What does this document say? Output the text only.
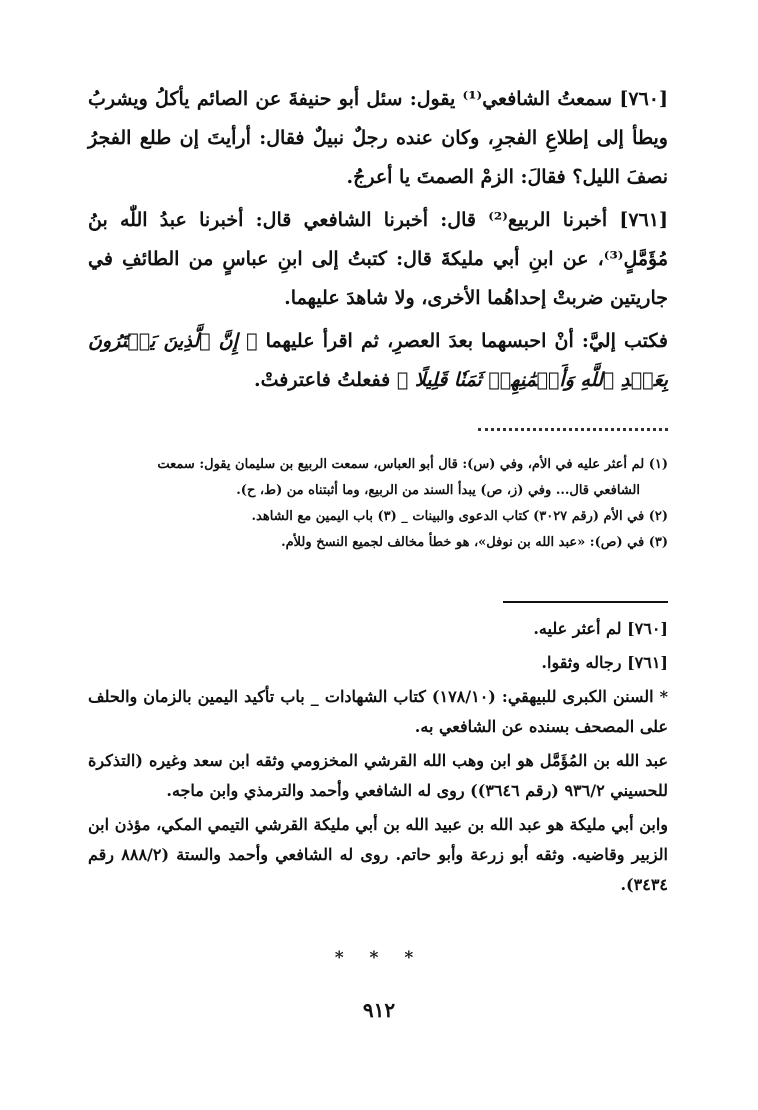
[٧٦٠] سمعتُ الشافعي⁽¹⁾ يقول: سئل أبو حنيفةَ عن الصائم يأكلُ ويشربُ ويطأ إلى إطلاعِ الفجرِ، وكان عنده رجلٌ نبيلٌ فقال: أرأيتَ إن طلع الفجرُ نصفَ الليل؟ فقالَ: الزمْ الصمتَ يا أعرجُ.

[٧٦١] أخبرنا الربيع⁽²⁾ قال: أخبرنا الشافعي قال: أخبرنا عبدُ اللّٰه بنُ مُؤَمَّلٍ⁽³⁾، عن ابنِ أبي مليكةَ قال: كتبتُ إلى ابنِ عباسٍ من الطائفِ في جاريتين ضربتْ إحداهُما الأخرى، ولا شاهدَ عليهما.

فكتب إليَّ: أنْ احبسهما بعدَ العصرِ، ثم اقرأ عليهما ﴿ إِنَّ ٱلَّذِينَ يَشۡتَرُونَ بِعَهۡدِ ٱللَّهِ وَأَيۡمَٰنِهِمۡ ثَمَنٗا قَلِيلًا ﴾ ففعلتُ فاعترفتْ.

(١) لم أعثر عليه في الأم، وفي (س): قال أبو العباس، سمعت الربيع بن سليمان يقول: سمعت

الشافعي قال... وفي (ز، ص) يبدأ السند من الربيع، وما أثبتناه من (ط، ح).

(٢) في الأم (رقم ٣٠٢٧) كتاب الدعوى والبينات _ (٣) باب اليمين مع الشاهد.

(٣) في (ص): «عبد الله بن نوفل»، هو خطأ مخالف لجميع النسخ وللأم.

[٧٦٠] لم أعثر عليه.

[٧٦١] رجاله وثقوا.

* السنن الكبرى للبيهقي: (١٧٨/١٠) كتاب الشهادات _ باب تأكيد اليمين بالزمان والحلف على المصحف بسنده عن الشافعي به.

عبد الله بن المُؤَمَّل هو ابن وهب الله القرشي المخزومي وثقه ابن سعد وغيره (التذكرة للحسيني ٩٣٦/٢ (رقم ٣٦٤٦)) روى له الشافعي وأحمد والترمذي وابن ماجه.

وابن أبي مليكة هو عبد الله بن عبيد الله بن أبي مليكة القرشي التيمي المكي، مؤذن ابن الزبير وقاضيه. وثقه أبو زرعة وأبو حاتم. روى له الشافعي وأحمد والستة (٨٨٨/٢ رقم ٣٤٣٤).

* * *
٩١٢
